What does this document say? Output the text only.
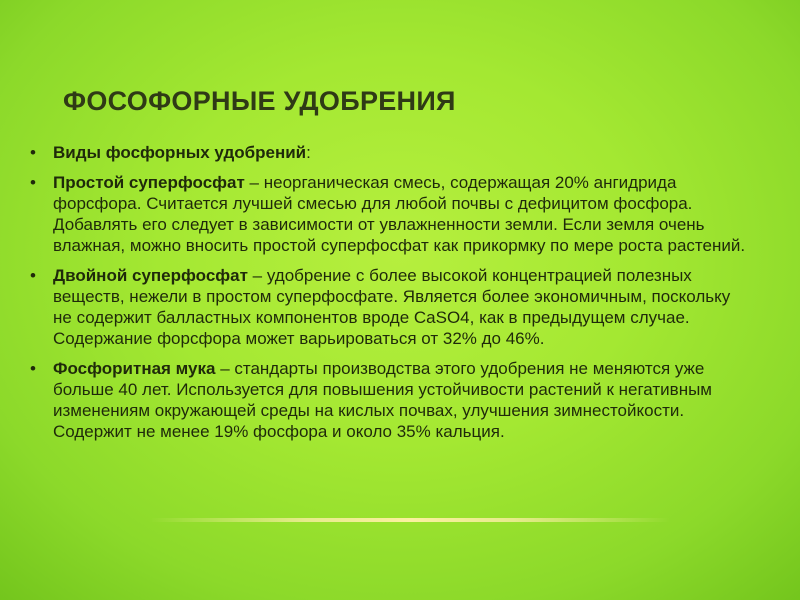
ФОСОФОРНЫЕ УДОБРЕНИЯ
• Виды фосфорных удобрений:
• Простой суперфосфат – неорганическая смесь, содержащая 20% ангидрида форсфора. Считается лучшей смесью для любой почвы с дефицитом фосфора. Добавлять его следует в зависимости от увлажненности земли. Если земля очень влажная, можно вносить простой суперфосфат как прикормку по мере роста растений.
• Двойной суперфосфат – удобрение с более высокой концентрацией полезных веществ, нежели в простом суперфосфате. Является более экономичным, поскольку не содержит балластных компонентов вроде CaSO4, как в предыдущем случае. Содержание форсфора может варьироваться от 32% до 46%.
• Фосфоритная мука – стандарты производства этого удобрения не меняются уже больше 40 лет. Используется для повышения устойчивости растений к негативным изменениям окружающей среды на кислых почвах, улучшения зимнестойкости. Содержит не менее 19% фосфора и около 35% кальция.
